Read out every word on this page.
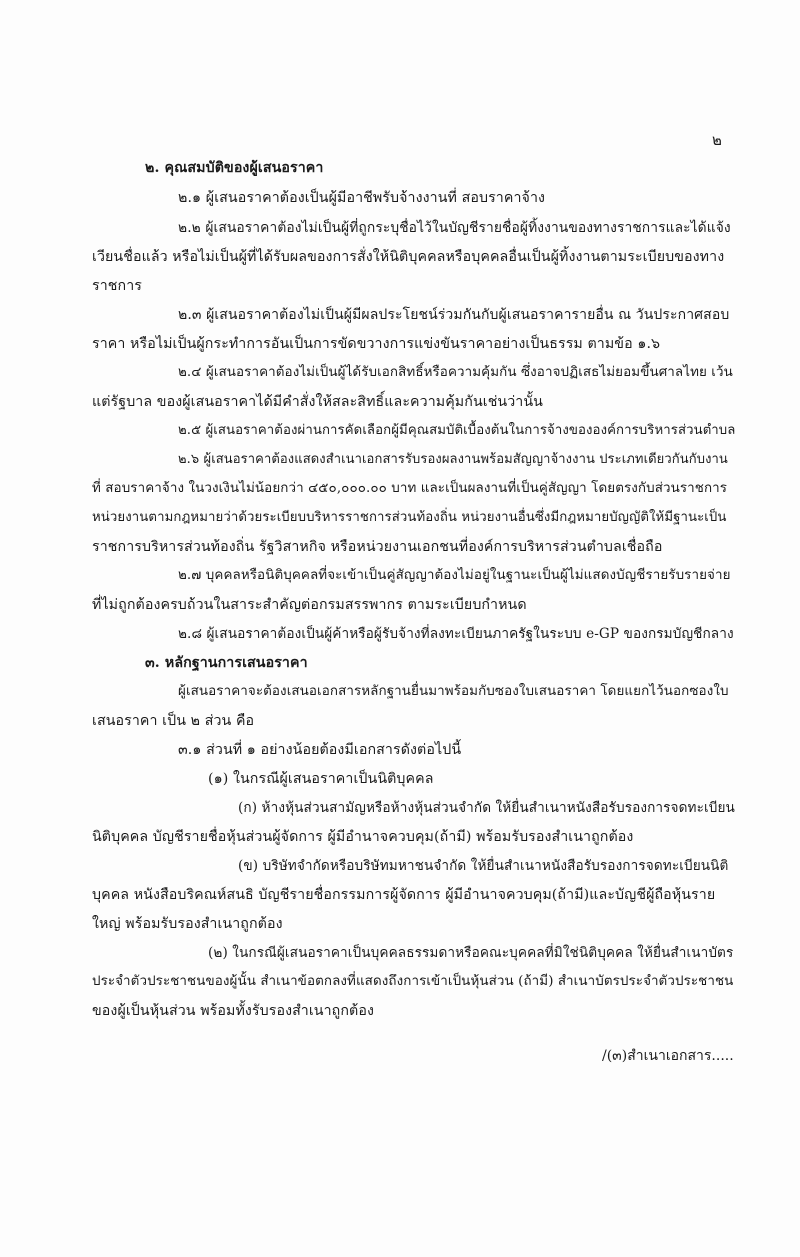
๒
๒. คุณสมบัติของผู้เสนอราคา
๒.๑ ผู้เสนอราคาต้องเป็นผู้มีอาชีพรับจ้างงานที่ สอบราคาจ้าง
๒.๒ ผู้เสนอราคาต้องไม่เป็นผู้ที่ถูกระบุชื่อไว้ในบัญชีรายชื่อผู้ทิ้งงานของทางราชการและได้แจ้ง
เวียนชื่อแล้ว หรือไม่เป็นผู้ที่ได้รับผลของการสั่งให้นิติบุคคลหรือบุคคลอื่นเป็นผู้ทิ้งงานตามระเบียบของทาง
ราชการ
๒.๓ ผู้เสนอราคาต้องไม่เป็นผู้มีผลประโยชน์ร่วมกันกับผู้เสนอราคารายอื่น ณ วันประกาศสอบ
ราคา หรือไม่เป็นผู้กระทำการอันเป็นการขัดขวางการแข่งขันราคาอย่างเป็นธรรม ตามข้อ ๑.๖
๒.๔ ผู้เสนอราคาต้องไม่เป็นผู้ได้รับเอกสิทธิ์หรือความคุ้มกัน ซึ่งอาจปฏิเสธไม่ยอมขึ้นศาลไทย เว้น
แต่รัฐบาล ของผู้เสนอราคาได้มีคำสั่งให้สละสิทธิ์และความคุ้มกันเช่นว่านั้น
๒.๕ ผู้เสนอราคาต้องผ่านการคัดเลือกผู้มีคุณสมบัติเบื้องต้นในการจ้างขององค์การบริหารส่วนตำบล
๒.๖ ผู้เสนอราคาต้องแสดงสำเนาเอกสารรับรองผลงานพร้อมสัญญาจ้างงาน ประเภทเดียวกันกับงาน
ที่ สอบราคาจ้าง ในวงเงินไม่น้อยกว่า ๔๕๐,๐๐๐.๐๐ บาท และเป็นผลงานที่เป็นคู่สัญญา โดยตรงกับส่วนราชการ
หน่วยงานตามกฎหมายว่าด้วยระเบียบบริหารราชการส่วนท้องถิ่น หน่วยงานอื่นซึ่งมีกฎหมายบัญญัติให้มีฐานะเป็น
ราชการบริหารส่วนท้องถิ่น รัฐวิสาหกิจ หรือหน่วยงานเอกชนที่องค์การบริหารส่วนตำบลเชื่อถือ
๒.๗ บุคคลหรือนิติบุคคลที่จะเข้าเป็นคู่สัญญาต้องไม่อยู่ในฐานะเป็นผู้ไม่แสดงบัญชีรายรับรายจ่าย
ที่ไม่ถูกต้องครบถ้วนในสาระสำคัญต่อกรมสรรพากร ตามระเบียบกำหนด
๒.๘ ผู้เสนอราคาต้องเป็นผู้ค้าหรือผู้รับจ้างที่ลงทะเบียนภาครัฐในระบบ e-GP ของกรมบัญชีกลาง
๓. หลักฐานการเสนอราคา
ผู้เสนอราคาจะต้องเสนอเอกสารหลักฐานยื่นมาพร้อมกับซองใบเสนอราคา โดยแยกไว้นอกซองใบ
เสนอราคา เป็น ๒ ส่วน คือ
๓.๑ ส่วนที่ ๑ อย่างน้อยต้องมีเอกสารดังต่อไปนี้
(๑) ในกรณีผู้เสนอราคาเป็นนิติบุคคล
(ก) ห้างหุ้นส่วนสามัญหรือห้างหุ้นส่วนจำกัด ให้ยื่นสำเนาหนังสือรับรองการจดทะเบียน
นิติบุคคล บัญชีรายชื่อหุ้นส่วนผู้จัดการ ผู้มีอำนาจควบคุม(ถ้ามี) พร้อมรับรองสำเนาถูกต้อง
(ข) บริษัทจำกัดหรือบริษัทมหาชนจำกัด ให้ยื่นสำเนาหนังสือรับรองการจดทะเบียนนิติ
บุคคล หนังสือบริคณห์สนธิ บัญชีรายชื่อกรรมการผู้จัดการ ผู้มีอำนาจควบคุม(ถ้ามี)และบัญชีผู้ถือหุ้นราย
ใหญ่ พร้อมรับรองสำเนาถูกต้อง
(๒) ในกรณีผู้เสนอราคาเป็นบุคคลธรรมดาหรือคณะบุคคลที่มิใช่นิติบุคคล ให้ยื่นสำเนาบัตร
ประจำตัวประชาชนของผู้นั้น สำเนาข้อตกลงที่แสดงถึงการเข้าเป็นหุ้นส่วน (ถ้ามี) สำเนาบัตรประจำตัวประชาชน
ของผู้เป็นหุ้นส่วน พร้อมทั้งรับรองสำเนาถูกต้อง
/(๓)สำเนาเอกสาร.....
